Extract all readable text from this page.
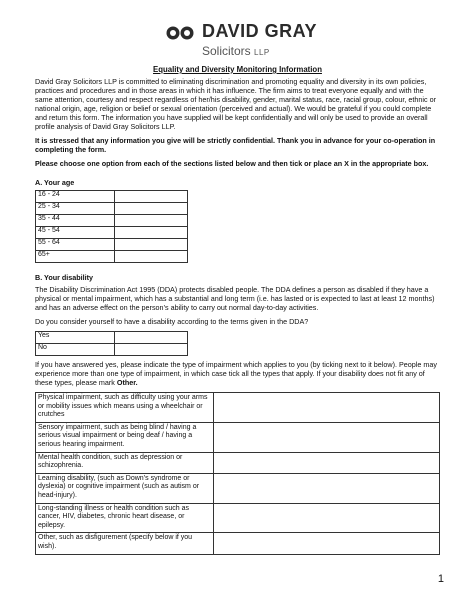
DAVID GRAY
Solicitors LLP
Equality and Diversity Monitoring Information
David Gray Solicitors LLP is committed to eliminating discrimination and promoting equality and diversity in its own policies, practices and procedures and in those areas in which it has influence. The firm aims to treat everyone equally and with the same attention, courtesy and respect regardless of her/his disability, gender, marital status, race, racial group, colour, ethnic or national origin, age, religion or belief or sexual orientation (perceived and actual). We would be grateful if you could complete and return this form. The information you have supplied will be kept confidentially and will only be used to provide an overall profile analysis of David Gray Solicitors LLP.
It is stressed that any information you give will be strictly confidential. Thank you in advance for your co-operation in completing the form.
Please choose one option from each of the sections listed below and then tick or place an X in the appropriate box.
A. Your age
16 - 24	
25 - 34	
35 - 44	
45 - 54	
55 - 64	
65+	
B. Your disability
The Disability Discrimination Act 1995 (DDA) protects disabled people. The DDA defines a person as disabled if they have a physical or mental impairment, which has a substantial and long term (i.e. has lasted or is expected to last at least 12 months) and has an adverse effect on the person’s ability to carry out normal day-to-day activities.
Do you consider yourself to have a disability according to the terms given in the DDA?
Yes	
No	
If you have answered yes, please indicate the type of impairment which applies to you (by ticking next to it below). People may experience more than one type of impairment, in which case tick all the types that apply. If your disability does not fit any of these types, please mark Other.
Physical impairment, such as difficulty using your arms or mobility issues which means using a wheelchair or crutches	
Sensory impairment, such as being blind / having a serious visual impairment or being deaf / having a serious hearing impairment.	
Mental health condition, such as depression or schizophrenia.	
Learning disability, (such as Down’s syndrome or dyslexia) or cognitive impairment (such as autism or head-injury).	
Long-standing illness or health condition such as cancer, HIV, diabetes, chronic heart disease, or epilepsy.	
Other, such as disfigurement (specify below if you wish).	
1
